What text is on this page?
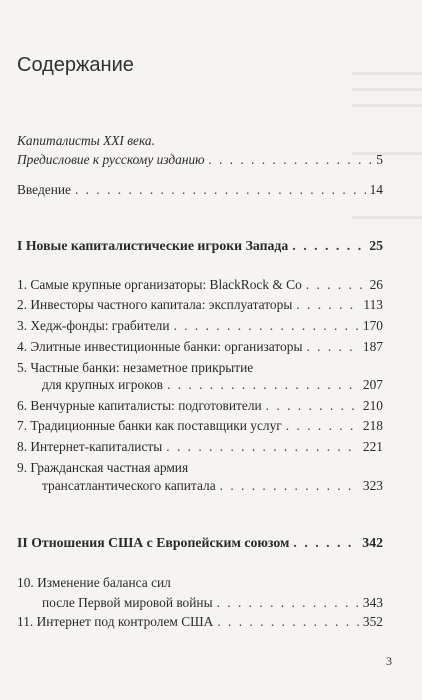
Содержание
Капиталисты XXI века.
Предисловие к русскому изданию . . .	5
Введение . . .	14
I Новые капиталистические игроки Запада . . .	25
1. Самые крупные организаторы: BlackRock & Co . . .	26
2. Инвесторы частного капитала: эксплуататоры . . .	113
3. Хедж-фонды: грабители . . .	170
4. Элитные инвестиционные банки: организаторы . . .	187
5. Частные банки: незаметное прикрытие
для крупных игроков . . .	207
6. Венчурные капиталисты: подготовители . . .	210
7. Традиционные банки как поставщики услуг . . .	218
8. Интернет-капиталисты . . .	221
9. Гражданская частная армия
трансатлантического капитала . . .	323
II Отношения США с Европейским союзом . . .	342
10. Изменение баланса сил
после Первой мировой войны . . .	343
11. Интернет под контролем США . . .	352
3
